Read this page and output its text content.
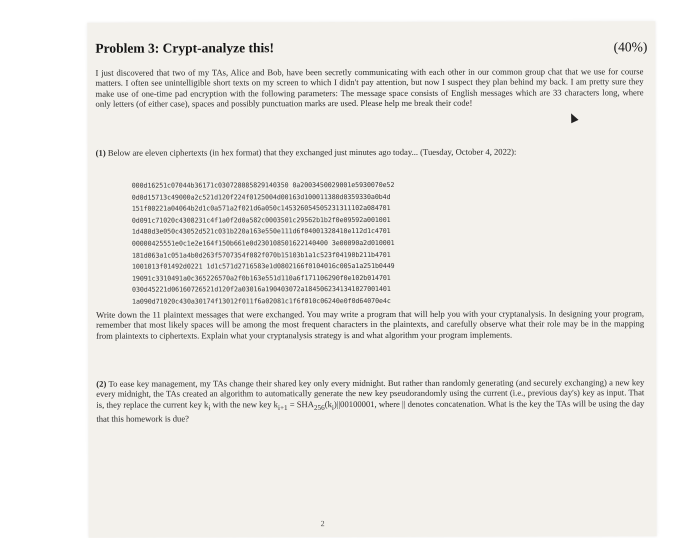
Problem 3: Crypt-analyze this!	(40%)
I just discovered that two of my TAs, Alice and Bob, have been secretly communicating with each other in our common group chat that we use for course matters. I often see unintelligible short texts on my screen to which I didn't pay attention, but now I suspect they plan behind my back. I am pretty sure they make use of one-time pad encryption with the following parameters: The message space consists of English messages which are 33 characters long, where only letters (of either case), spaces and possibly punctuation marks are used. Please help me break their code!
(1) Below are eleven ciphertexts (in hex format) that they exchanged just minutes ago today... (Tuesday, October 4, 2022):
000d16251c07044b36171c030728085829140350 0a2003450029001e5930070e52
0d0d15713c49000a2c521d120f224f0125004d00163d100011380d0359330a0b4d
151f00221a04064b2d1c0a571a2f021d6a050c145326054505231311102a084701
0d091c71020c4308231c4f1a0f2d0a582c0003501c29562b1b2f0e09592a001001
1d480d3e050c43052d521c031b220a163e550e111d6f04001328410e112d1c4701
00000425551e0c1e2e164f150b661e0d230108501622140400 3e00090a2d010001
181d063a1c051a4b0d263f5707354f082f070b15103b1a1c523f04190b211b4701
1001013f01492d0221 1d1c571d2716583e1d0802166f0104016c005a1a251b0449
19091c3310491a0c365226570a2f0b163e551d110a6f171106290f0e102b014701
030d45221d06160726521d120f2a03016a190403072a1845062341341027001401
1a090d71020c430a30174f13012f011f6a02081c1f6f010c06240e0f0d64070e4c
Write down the 11 plaintext messages that were exchanged. You may write a program that will help you with your cryptanalysis. In designing your program, remember that most likely spaces will be among the most frequent characters in the plaintexts, and carefully observe what their role may be in the mapping from plaintexts to ciphertexts. Explain what your cryptanalysis strategy is and what algorithm your program implements.
(2) To ease key management, my TAs change their shared key only every midnight. But rather than randomly generating (and securely exchanging) a new key every midnight, the TAs created an algorithm to automatically generate the new key pseudorandomly using the current (i.e., previous day's) key as input. That is, they replace the current key $k_i$ with the new key $k_{i+1} = SHA_{256}(k_i)||00100001$, where || denotes concatenation. What is the key the TAs will be using the day that this homework is due?
2
